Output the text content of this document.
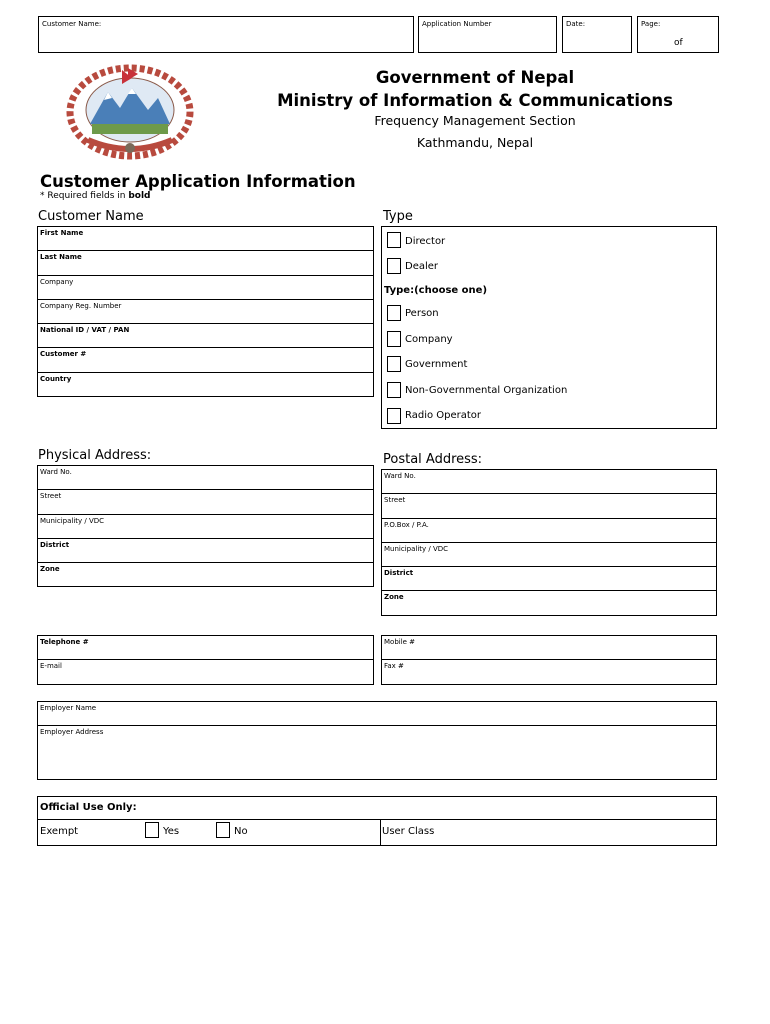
Customer Name:	Application Number	Date:	Page:
of
Government of Nepal
Ministry of Information & Communications
Frequency Management Section
Kathmandu, Nepal
Customer Application Information
* Required fields in bold
Customer Name
First Name
Last Name
Company
Company Reg. Number
National ID / VAT / PAN
Customer #
Country
Type
Director
Dealer
Type:(choose one)
Person
Company
Government
Non-Governmental Organization
Radio Operator
Physical Address:
Ward No.
Street
Municipality / VDC
District
Zone
Postal Address:
Ward No.
Street
P.O.Box / P.A.
Municipality / VDC
District
Zone
Telephone #
E-mail
Mobile #
Fax #
Employer Name
Employer Address
Official Use Only:
Exempt	Yes	No	User Class
